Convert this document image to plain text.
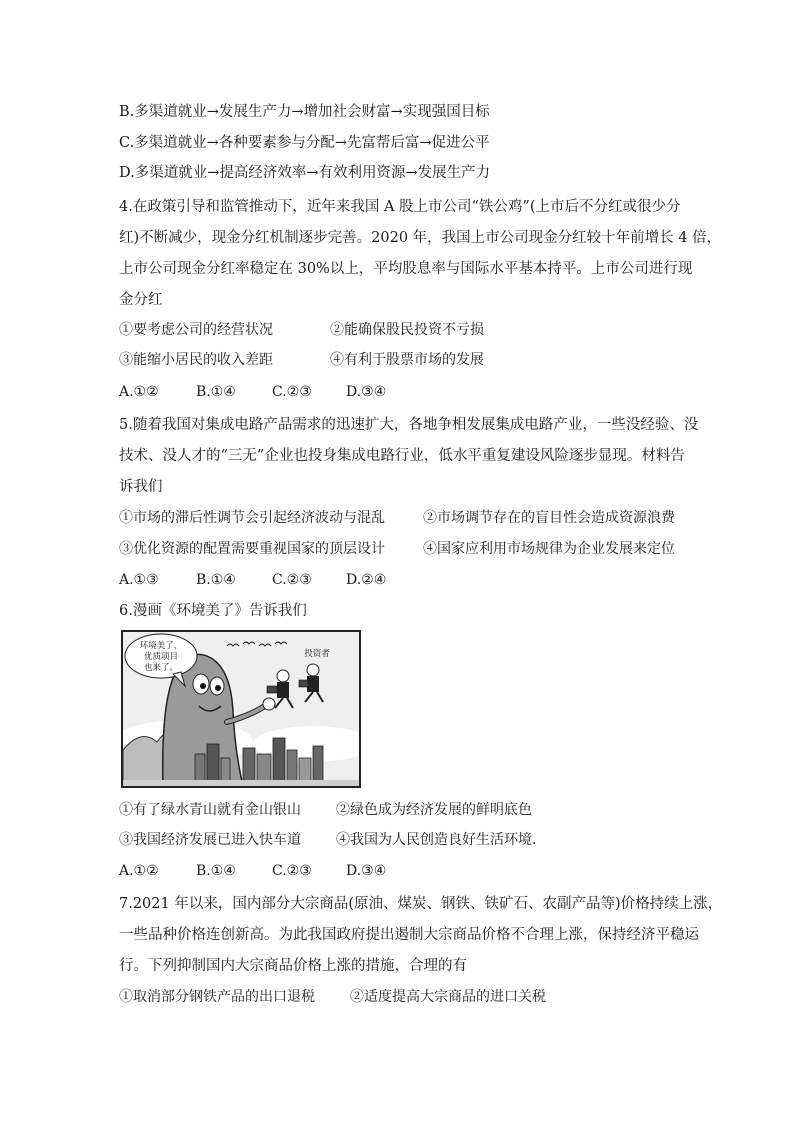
B.多渠道就业→发展生产力→增加社会财富→实现强国目标
C.多渠道就业→各种要素参与分配→先富帮后富→促进公平
D.多渠道就业→提高经济效率→有效利用资源→发展生产力
4.在政策引导和监管推动下，近年来我国 A 股上市公司“铁公鸡”(上市后不分红或很少分
红)不断减少，现金分红机制逐步完善。2020 年，我国上市公司现金分红较十年前增长 4 倍，
上市公司现金分红率稳定在 30%以上，平均股息率与国际水平基本持平。上市公司进行现
金分红
①要考虑公司的经营状况	②能确保股民投资不亏损
③能缩小居民的收入差距	④有利于股票市场的发展
A.①②	B.①④	C.②③ D.③④
5.随着我国对集成电路产品需求的迅速扩大，各地争相发展集成电路产业，一些没经验、没
技术、没人才的“三无”企业也投身集成电路行业，低水平重复建设风险逐步显现。材料告
诉我们
①市场的滞后性调节会引起经济波动与混乱	②市场调节存在的盲目性会造成资源浪费
③优化资源的配置需要重视国家的顶层设计	④国家应利用市场规律为企业发展来定位
A.①③	B.①④	C.②③ D.②④
6.漫画《环境美了》告诉我们
环境美了，
优质项目
也来了。
投资者
①有了绿水青山就有金山银山	②绿色成为经济发展的鲜明底色
③我国经济发展已进入快车道	④我国为人民创造良好生活环境.
A.①②	B.①④	C.②③ D.③④
7.2021 年以来，国内部分大宗商品(原油、煤炭、钢铁、铁矿石、农副产品等)价格持续上涨，
一些品种价格连创新高。为此我国政府提出遏制大宗商品价格不合理上涨，保持经济平稳运
行。下列抑制国内大宗商品价格上涨的措施，合理的有
①取消部分钢铁产品的出口退税	②适度提高大宗商品的进口关税
